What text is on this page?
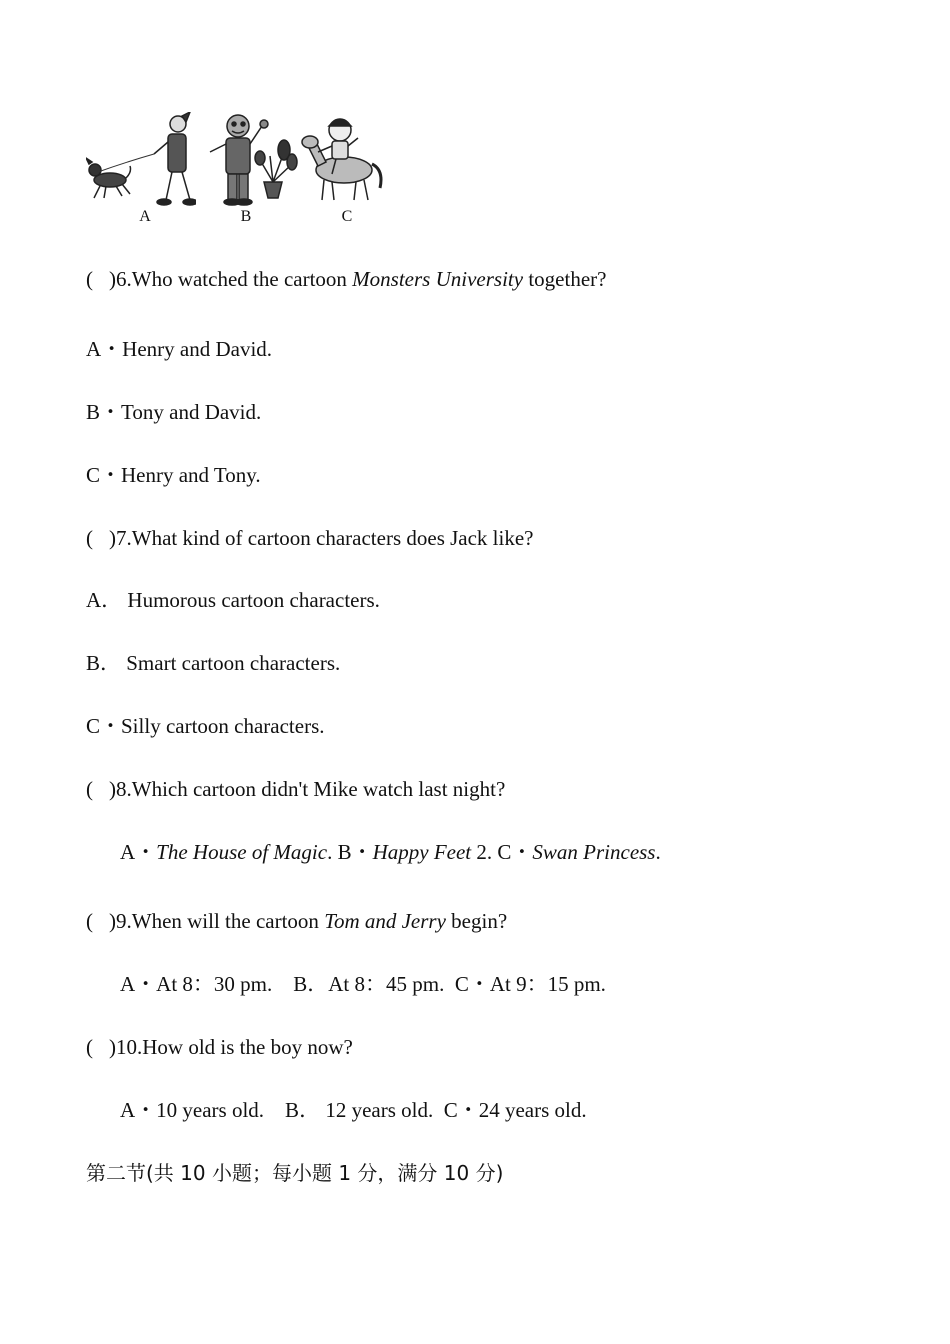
A	B	C
( )6.Who watched the cartoon Monsters University together?
A・Henry and David.
B・Tony and David.
C・Henry and Tony.
( )7.What kind of cartoon characters does Jack like?
A． Humorous cartoon characters.
B． Smart cartoon characters.
C・Silly cartoon characters.
( )8.Which cartoon didn't Mike watch last night?
A・The House of Magic. B・Happy Feet 2. C・Swan Princess.
( )9.When will the cartoon Tom and Jerry begin?
A・At 8：30 pm.    B．At 8：45 pm.  C・At 9：15 pm.
( )10.How old is the boy now?
A・10 years old.    B． 12 years old.  C・24 years old.
第二节(共 10 小题；每小题 1 分，满分 10 分)
